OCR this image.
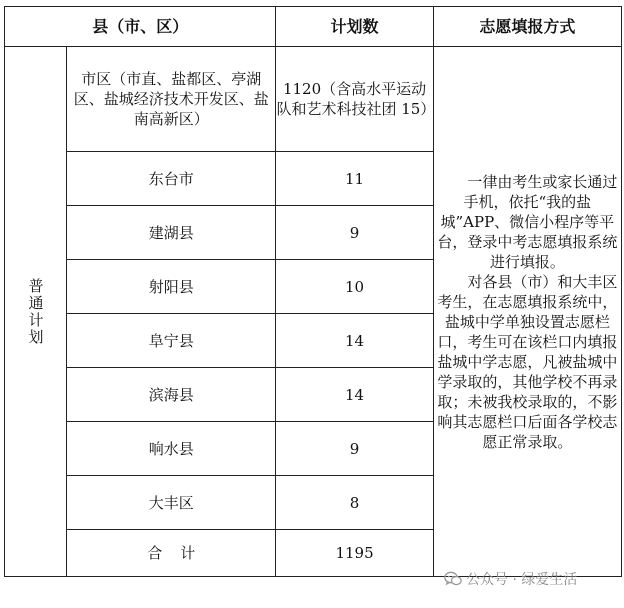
县（市、区）		计划数	志愿填报方式

普通计划	市区（市直、盐都区、亭湖区、盐城经济技术开发区、盐南高新区）	1120（含高水平运动队和艺术科技社团 15）	一律由考生或家长通过手机，依托“我的盐城”APP、微信小程序等平台，登录中考志愿填报系统进行填报。

对各县（市）和大丰区考生，在志愿填报系统中，盐城中学单独设置志愿栏口，考生可在该栏口内填报盐城中学志愿，凡被盐城中学录取的，其他学校不再录取；未被我校录取的，不影响其志愿栏口后面各学校志愿正常录取。

	东台市	11	
	建湖县	9	
	射阳县	10	
	阜宁县	14	
	滨海县	14	
	响水县	9	
	大丰区	8	
	合计	1195	
公众号 · 绿爱生活
